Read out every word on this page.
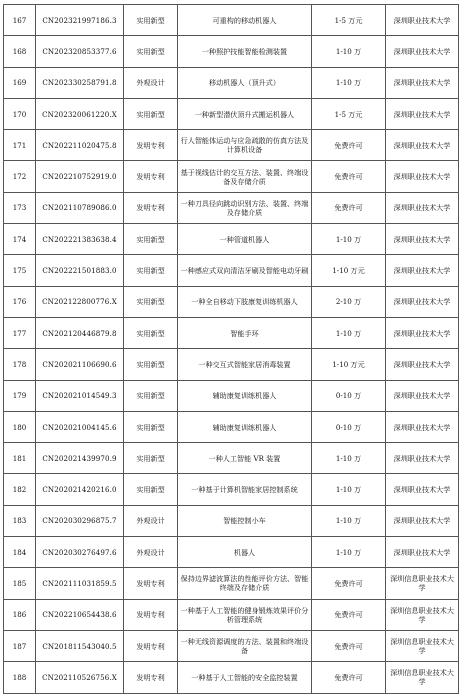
167	CN202321997186.3	实用新型	可重构的移动机器人	1-5 万元	深圳职业技术大学
168	CN202320853377.6	实用新型	一种照护技能智能检测装置	1-10 万	深圳职业技术大学
169	CN202330258791.8	外观设计	移动机器人（顶升式）	1-10 万	深圳职业技术大学
170	CN202320061220.X	实用新型	一种新型潜伏顶升式搬运机器人	1-5 万元	深圳职业技术大学
171	CN202211020475.8	发明专利	行人智能体运动与应急疏散的仿真方法及计算机设备	免费许可	深圳职业技术大学
172	CN202210752919.0	发明专利	基于视线估计的交互方法、装置、终端设备及存储介质	免费许可	深圳职业技术大学
173	CN202110789086.0	发明专利	一种刀具径向跳动识别方法、装置、终端及存储介质	免费许可	深圳职业技术大学
174	CN202221383638.4	实用新型	一种管道机器人	1-10 万	深圳职业技术大学
175	CN202221501883.0	实用新型	一种感应式双向清洁牙刷及智能电动牙刷	1-10 万元	深圳职业技术大学
176	CN202122800776.X	实用新型	一种全自移动下肢康复训练机器人	2-10 万	深圳职业技术大学
177	CN202120446879.8	实用新型	智能手环	1-10 万	深圳职业技术大学
178	CN202021106690.6	实用新型	一种交互式智能家居消毒装置	1-10 万元	深圳职业技术大学
179	CN202021014549.3	实用新型	辅助康复训练机器人	0-10 万	深圳职业技术大学
180	CN202021004145.6	实用新型	辅助康复训练机器人	0-10 万	深圳职业技术大学
181	CN202021439970.9	实用新型	一种人工智能 VR 装置	1-10 万	深圳职业技术大学
182	CN202021420216.0	实用新型	一种基于计算机智能家居控制系统	1-10 万	深圳职业技术大学
183	CN202030296875.7	外观设计	智能控制小车	1-10 万	深圳职业技术大学
184	CN202030276497.6	外观设计	机器人	1-10 万	深圳职业技术大学
185	CN202111031859.5	发明专利	保持边界滤波算法的性能评价方法、智能终端及存储介质	免费许可	深圳信息职业技术大学
186	CN202210654438.6	发明专利	一种基于人工智能的健身锻炼效果评价分析管理系统	免费许可	深圳信息职业技术大学
187	CN201811543040.5	发明专利	一种无线资源调度的方法、装置和终端设备	免费许可	深圳信息职业技术大学
188	CN202110526756.X	发明专利	一种基于人工智能的安全监控装置	免费许可	深圳信息职业技术大学
